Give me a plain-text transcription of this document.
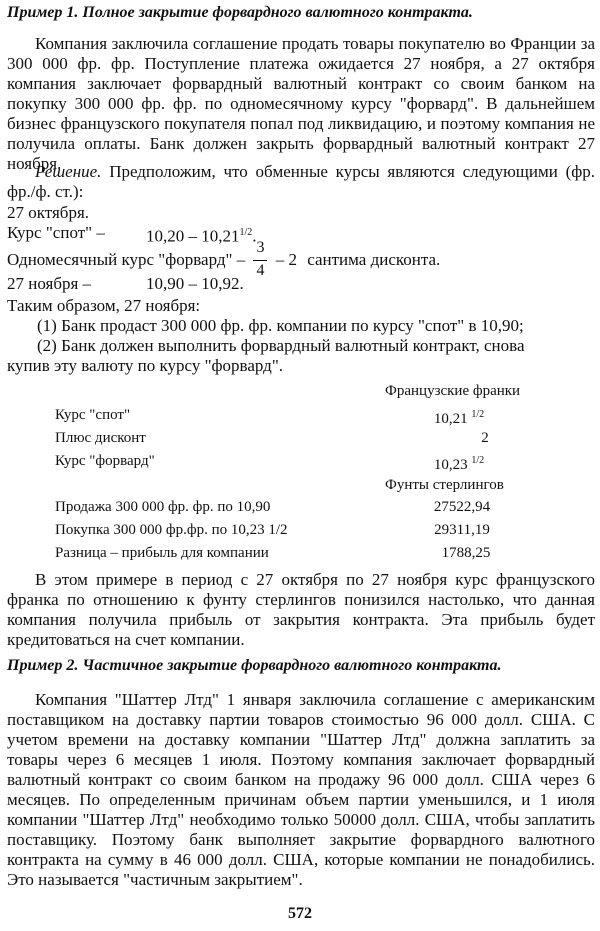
Пример 1. Полное закрытие форвардного валютного контракта.
Компания заключила соглашение продать товары покупателю во Франции за 300 000 фр. фр. Поступление платежа ожидается 27 ноября, а 27 октября компания заключает форвардный валютный контракт со своим банком на покупку 300 000 фр. фр. по одномесячному курсу "форвард". В дальнейшем бизнес французского покупателя попал под ликвидацию, и поэтому компания не получила оплаты. Банк должен закрыть форвардный валютный контракт 27 ноября.
Решение. Предположим, что обменные курсы являются следующими (фр. фр./ф. ст.):
27 октября.
Курс "спот" – $10,20 - 10,21^{1/2}$.
Одномесячный курс "форвард" – $\frac{3}{4} - 2$ сантима дисконта.
27 ноября –	10,90 – 10,92.
Таким образом, 27 ноября:
(1) Банк продаст 300 000 фр. фр. компании по курсу "спот" в 10,90;
(2) Банк должен выполнить форвардный валютный контракт, снова
купив эту валюту по курсу "форвард".
Французские франки
Курс "спот"	10,21 $^{1/2}$
Плюс дисконт	2
Курс "форвард"	10,23 $^{1/2}$
Фунты стерлингов
Продажа 300 000 фр. фр. по 10,90	27522,94
Покупка 300 000 фр.фр. по 10,23 1/2	29311,19
Разница – прибыль для компании	1788,25
В этом примере в период с 27 октября по 27 ноября курс французского франка по отношению к фунту стерлингов понизился настолько, что данная компания получила прибыль от закрытия контракта. Эта прибыль будет кредитоваться на счет компании.
Пример 2. Частичное закрытие форвардного валютного контракта.
Компания "Шаттер Лтд" 1 января заключила соглашение с американским поставщиком на доставку партии товаров стоимостью 96 000 долл. США. С учетом времени на доставку компании "Шаттер Лтд" должна заплатить за товары через 6 месяцев 1 июля. Поэтому компания заключает форвардный валютный контракт со своим банком на продажу 96 000 долл. США через 6 месяцев. По определенным причинам объем партии уменьшился, и 1 июля компании "Шаттер Лтд" необходимо только 50000 долл. США, чтобы заплатить поставщику. Поэтому банк выполняет закрытие форвардного валютного контракта на сумму в 46 000 долл. США, которые компании не понадобились. Это называется "частичным закрытием".
572
